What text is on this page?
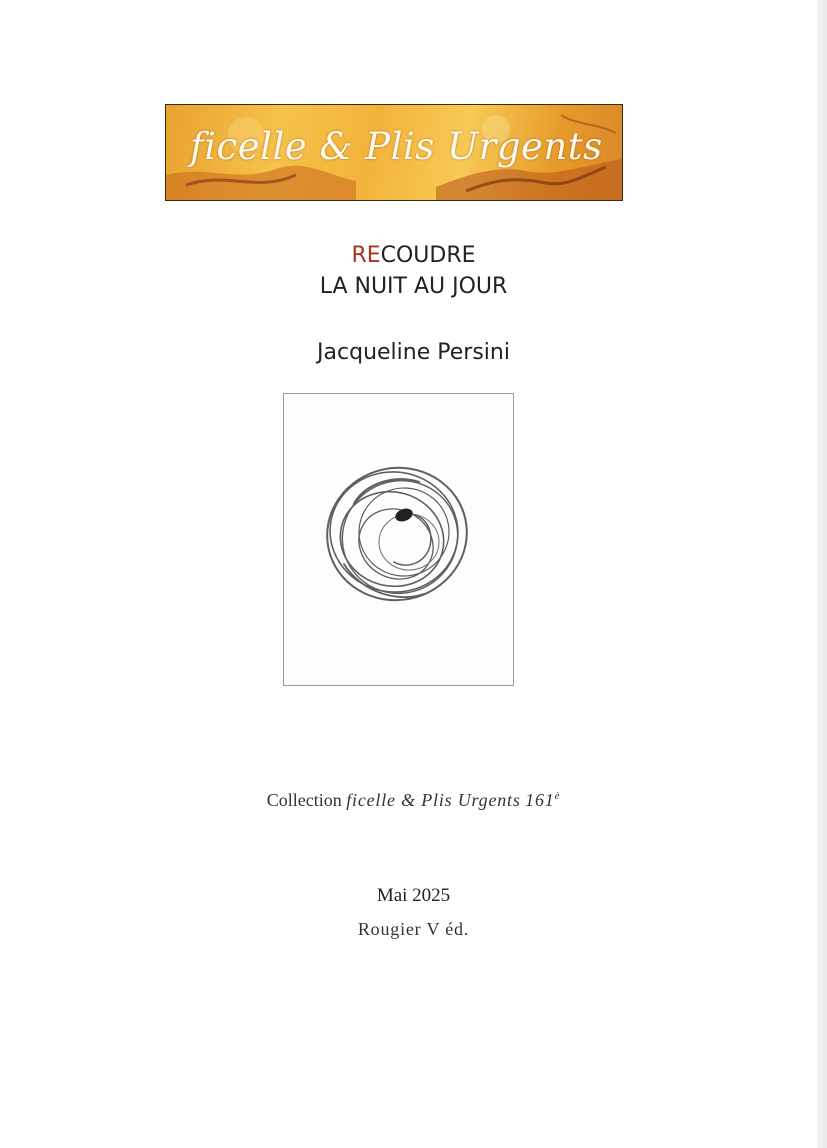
ficelle & Plis Urgents
RECOUDRE
LA NUIT AU JOUR
Jacqueline Persini
Collection ficelle & Plis Urgents $161^è$
Mai 2025
Rougier V éd.
